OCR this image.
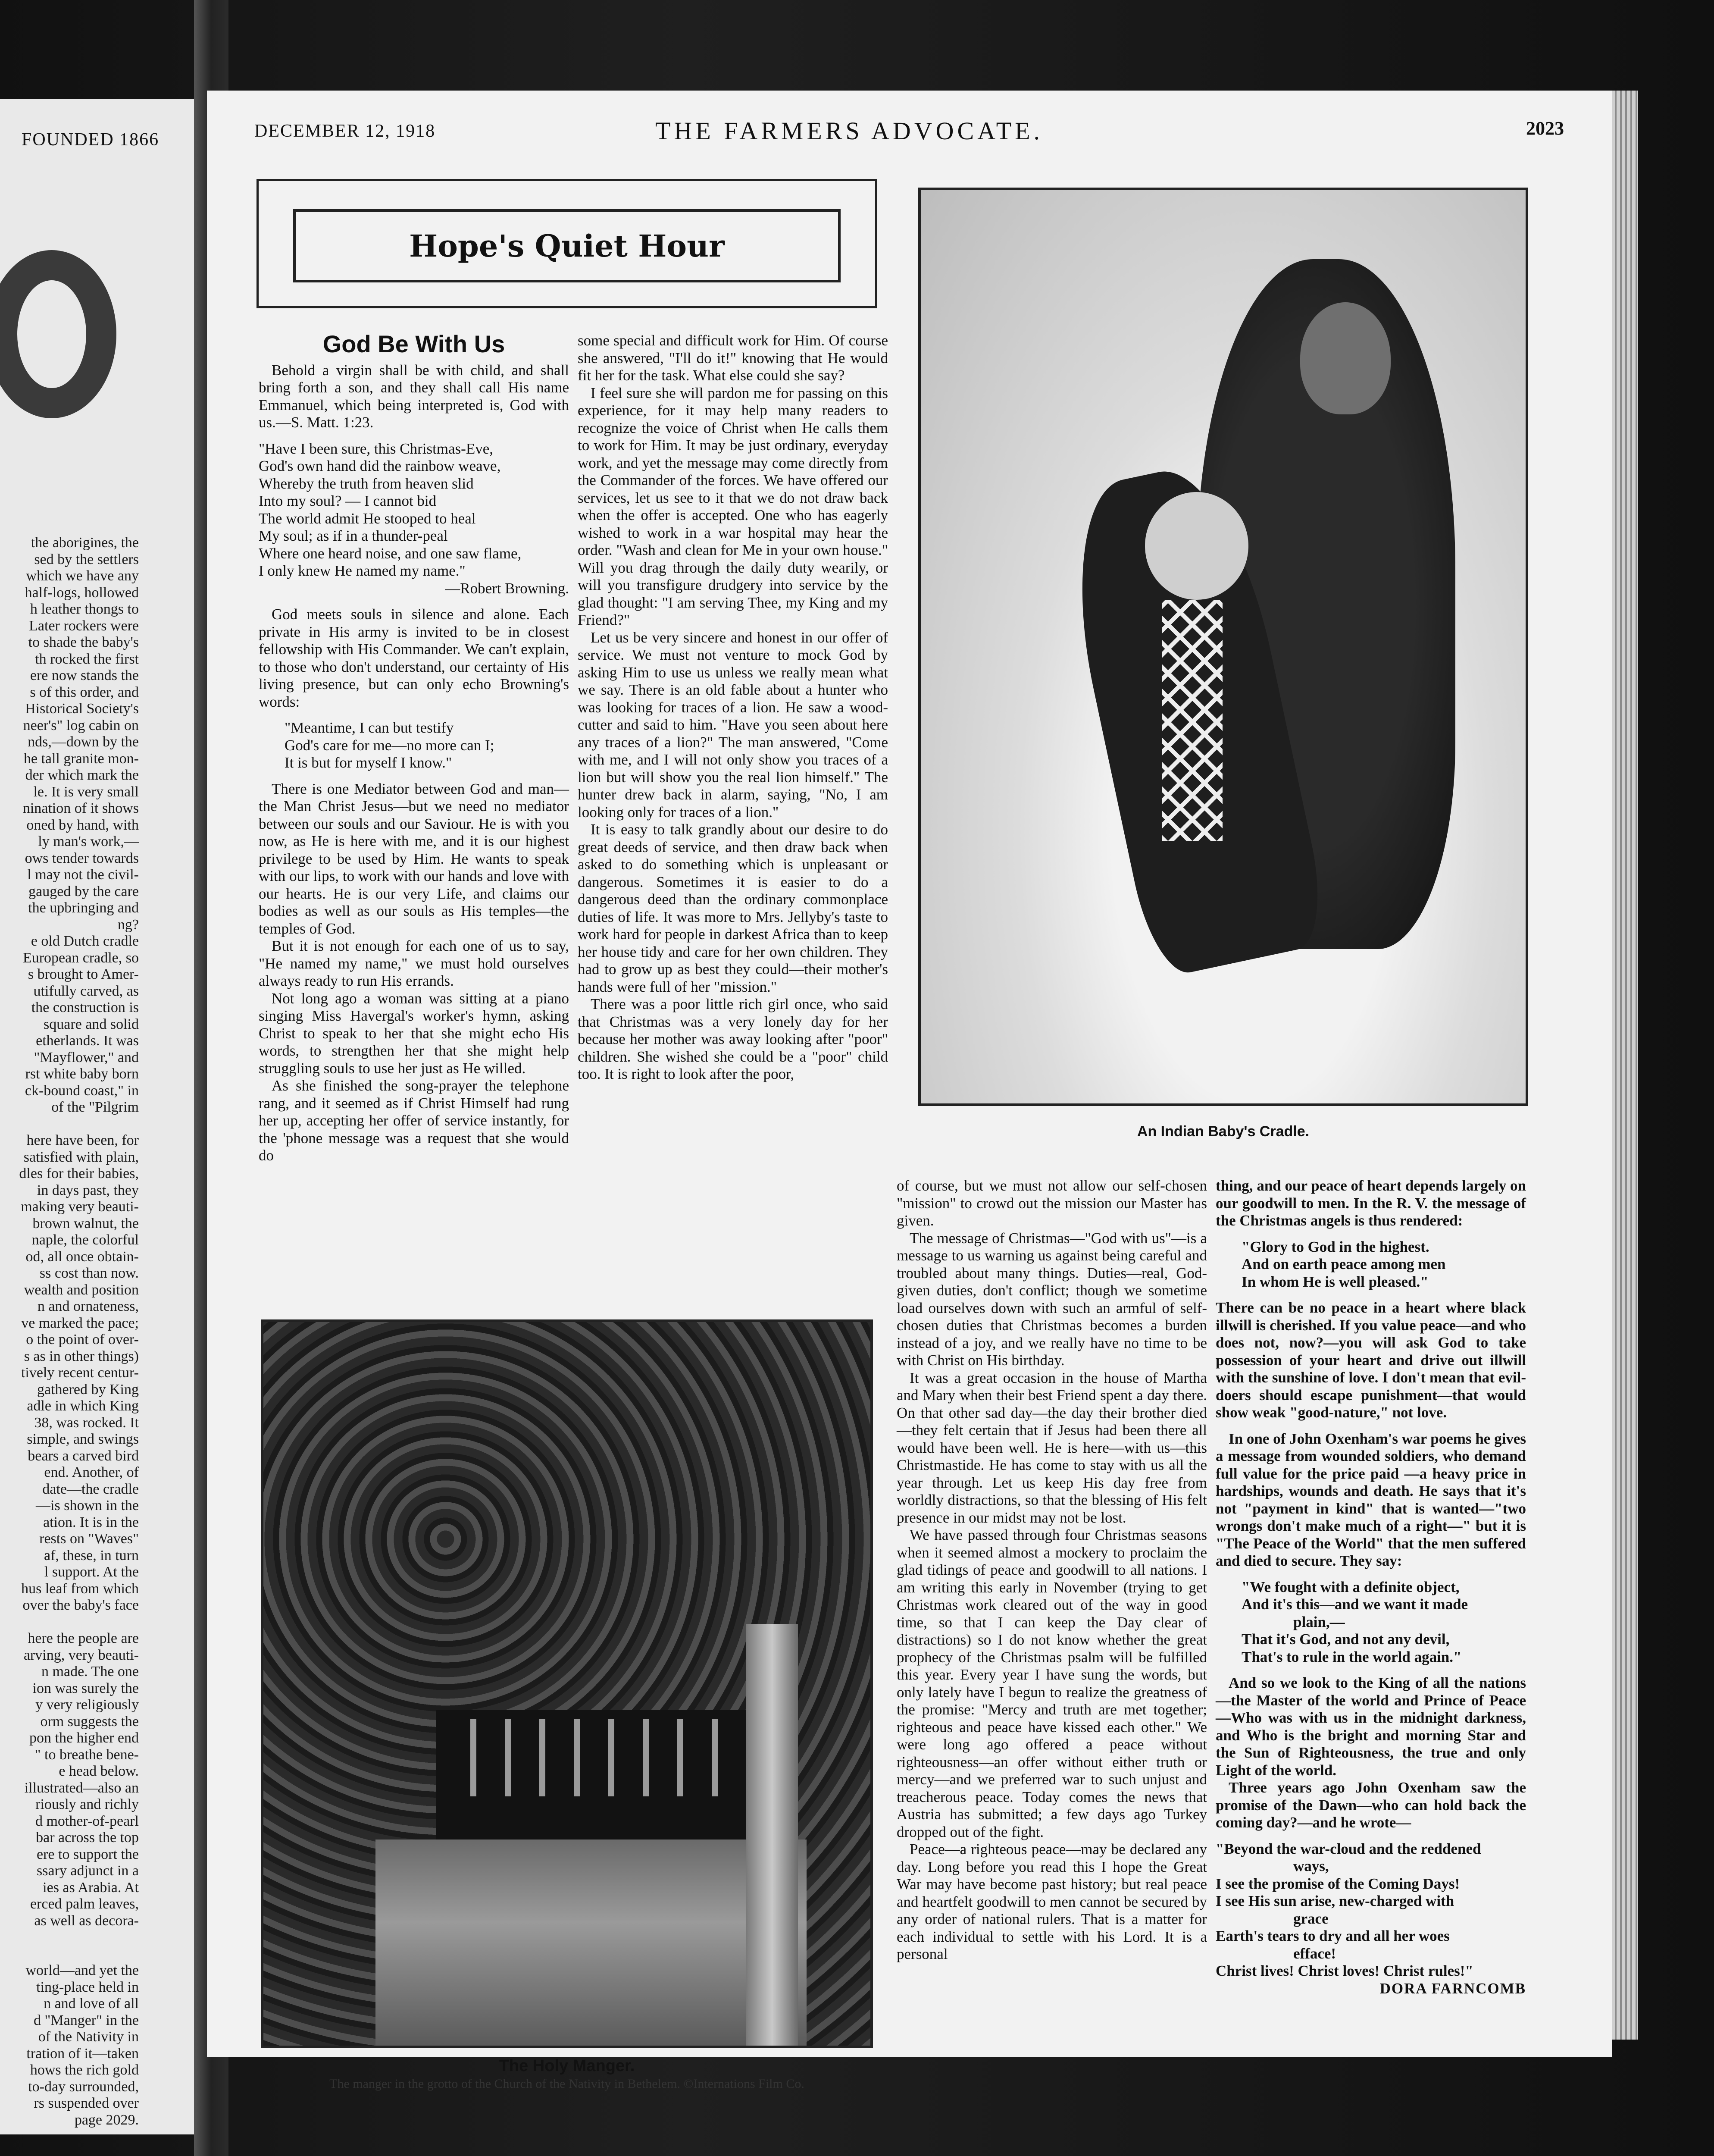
FOUNDED 1866
the aborigines, the
sed by the settlers
which we have any
half-logs, hollowed
h leather thongs to
Later rockers were
to shade the baby's
th rocked the first
ere now stands the
s of this order, and
Historical Society's
neer's" log cabin on
nds,—down by the
he tall granite mon-
der which mark the
le. It is very small
nination of it shows
oned by hand, with
ly man's work,—
ows tender towards
l may not the civil-
gauged by the care
the upbringing and
ng?
e old Dutch cradle
European cradle, so
s brought to Amer-
utifully carved, as
the construction is
square and solid
etherlands. It was
"Mayflower," and
rst white baby born
ck-bound coast," in
of the "Pilgrim

here have been, for
satisfied with plain,
dles for their babies,
in days past, they
making very beauti-
brown walnut, the
naple, the colorful
od, all once obtain-
ss cost than now.
wealth and position
n and ornateness,
ve marked the pace;
o the point of over-
s as in other things)
tively recent centur-
gathered by King
adle in which King
38, was rocked. It
simple, and swings
bears a carved bird
end. Another, of
date—the cradle
—is shown in the
ation. It is in the
rests on "Waves"
af, these, in turn
l support. At the
hus leaf from which
over the baby's face

here the people are
arving, very beauti-
n made. The one
ion was surely the
y very religiously
orm suggests the
pon the higher end
" to breathe bene-
e head below.
illustrated—also an
riously and richly
d mother-of-pearl
bar across the top
ere to support the
ssary adjunct in a
ies as Arabia. At
erced palm leaves,
as well as decora-

world—and yet the
ting-place held in
n and love of all
d "Manger" in the
of the Nativity in
tration of it—taken
hows the rich gold
to-day surrounded,
rs suspended over
page 2029.
DECEMBER 12, 1918	THE FARMERS ADVOCATE.	2023
Hope's Quiet Hour
God Be With Us

Behold a virgin shall be with child, and shall bring forth a son, and they shall call His name Emmanuel, which being interpreted is, God with us.—S. Matt. 1:23.

"Have I been sure, this Christmas-Eve,

God's own hand did the rainbow weave,

Whereby the truth from heaven slid

Into my soul? — I cannot bid

The world admit He stooped to heal

My soul; as if in a thunder-peal

Where one heard noise, and one saw flame,

I only knew He named my name."

—Robert Browning.

God meets souls in silence and alone. Each private in His army is invited to be in closest fellowship with His Commander. We can't explain, to those who don't understand, our certainty of His living presence, but can only echo Browning's words:

"Meantime, I can but testify

God's care for me—no more can I;

It is but for myself I know."

There is one Mediator between God and man—the Man Christ Jesus—but we need no mediator between our souls and our Saviour. He is with you now, as He is here with me, and it is our highest privilege to be used by Him. He wants to speak with our lips, to work with our hands and love with our hearts. He is our very Life, and claims our bodies as well as our souls as His temples—the temples of God.

But it is not enough for each one of us to say, "He named my name," we must hold ourselves always ready to run His errands.

Not long ago a woman was sitting at a piano singing Miss Havergal's worker's hymn, asking Christ to speak to her that she might echo His words, to strengthen her that she might help struggling souls to use her just as He willed.

As she finished the song-prayer the telephone rang, and it seemed as if Christ Himself had rung her up, accepting her offer of service instantly, for the 'phone message was a request that she would do

some special and difficult work for Him. Of course she answered, "I'll do it!" knowing that He would fit her for the task. What else could she say?

I feel sure she will pardon me for passing on this experience, for it may help many readers to recognize the voice of Christ when He calls them to work for Him. It may be just ordinary, everyday work, and yet the message may come directly from the Commander of the forces. We have offered our services, let us see to it that we do not draw back when the offer is accepted. One who has eagerly wished to work in a war hospital may hear the order. "Wash and clean for Me in your own house." Will you drag through the daily duty wearily, or will you transfigure drudgery into service by the glad thought: "I am serving Thee, my King and my Friend?"

Let us be very sincere and honest in our offer of service. We must not venture to mock God by asking Him to use us unless we really mean what we say. There is an old fable about a hunter who was looking for traces of a lion. He saw a wood-cutter and said to him. "Have you seen about here any traces of a lion?" The man answered, "Come with me, and I will not only show you traces of a lion but will show you the real lion himself." The hunter drew back in alarm, saying, "No, I am looking only for traces of a lion."

It is easy to talk grandly about our desire to do great deeds of service, and then draw back when asked to do something which is unpleasant or dangerous. Sometimes it is easier to do a dangerous deed than the ordinary commonplace duties of life. It was more to Mrs. Jellyby's taste to work hard for people in darkest Africa than to keep her house tidy and care for her own children. They had to grow up as best they could—their mother's hands were full of her "mission."

There was a poor little rich girl once, who said that Christmas was a very lonely day for her because her mother was away looking after "poor" children. She wished she could be a "poor" child too. It is right to look after the poor,

An Indian Baby's Cradle.
The Holy Manger.
The manger in the grotto of the Church of the Nativity in Bethelem. ©Internations Film Co.

of course, but we must not allow our self-chosen "mission" to crowd out the mission our Master has given.

The message of Christmas—"God with us"—is a message to us warning us against being careful and troubled about many things. Duties—real, God-given duties, don't conflict; though we sometime load ourselves down with such an armful of self-chosen duties that Christmas becomes a burden instead of a joy, and we really have no time to be with Christ on His birthday.

It was a great occasion in the house of Martha and Mary when their best Friend spent a day there. On that other sad day—the day their brother died—they felt certain that if Jesus had been there all would have been well. He is here—with us—this Christmastide. He has come to stay with us all the year through. Let us keep His day free from worldly distractions, so that the blessing of His felt presence in our midst may not be lost.

We have passed through four Christmas seasons when it seemed almost a mockery to proclaim the glad tidings of peace and goodwill to all nations. I am writing this early in November (trying to get Christmas work cleared out of the way in good time, so that I can keep the Day clear of distractions) so I do not know whether the great prophecy of the Christmas psalm will be fulfilled this year. Every year I have sung the words, but only lately have I begun to realize the greatness of the promise: "Mercy and truth are met together; righteous and peace have kissed each other." We were long ago offered a peace without righteousness—an offer without either truth or mercy—and we preferred war to such unjust and treacherous peace. Today comes the news that Austria has submitted; a few days ago Turkey dropped out of the fight.

Peace—a righteous peace—may be declared any day. Long before you read this I hope the Great War may have become past history; but real peace and heartfelt goodwill to men cannot be secured by any order of national rulers. That is a matter for each individual to settle with his Lord. It is a personal

thing, and our peace of heart depends largely on our goodwill to men. In the R. V. the message of the Christmas angels is thus rendered:

"Glory to God in the highest.

And on earth peace among men

In whom He is well pleased."

There can be no peace in a heart where black illwill is cherished. If you value peace—and who does not, now?—you will ask God to take possession of your heart and drive out illwill with the sunshine of love. I don't mean that evil-doers should escape punishment—that would show weak "good-nature," not love.

In one of John Oxenham's war poems he gives a message from wounded soldiers, who demand full value for the price paid —a heavy price in hardships, wounds and death. He says that it's not "payment in kind" that is wanted—"two wrongs don't make much of a right—" but it is "The Peace of the World" that the men suffered and died to secure. They say:

"We fought with a definite object,

And it's this—and we want it made

plain,—

That it's God, and not any devil,

That's to rule in the world again."

And so we look to the King of all the nations—the Master of the world and Prince of Peace—Who was with us in the midnight darkness, and Who is the bright and morning Star and the Sun of Righteousness, the true and only Light of the world.

Three years ago John Oxenham saw the promise of the Dawn—who can hold back the coming day?—and he wrote—

"Beyond the war-cloud and the reddened

ways,

I see the promise of the Coming Days!

I see His sun arise, new-charged with

grace

Earth's tears to dry and all her woes

efface!

Christ lives! Christ loves! Christ rules!"

DORA FARNCOMB
